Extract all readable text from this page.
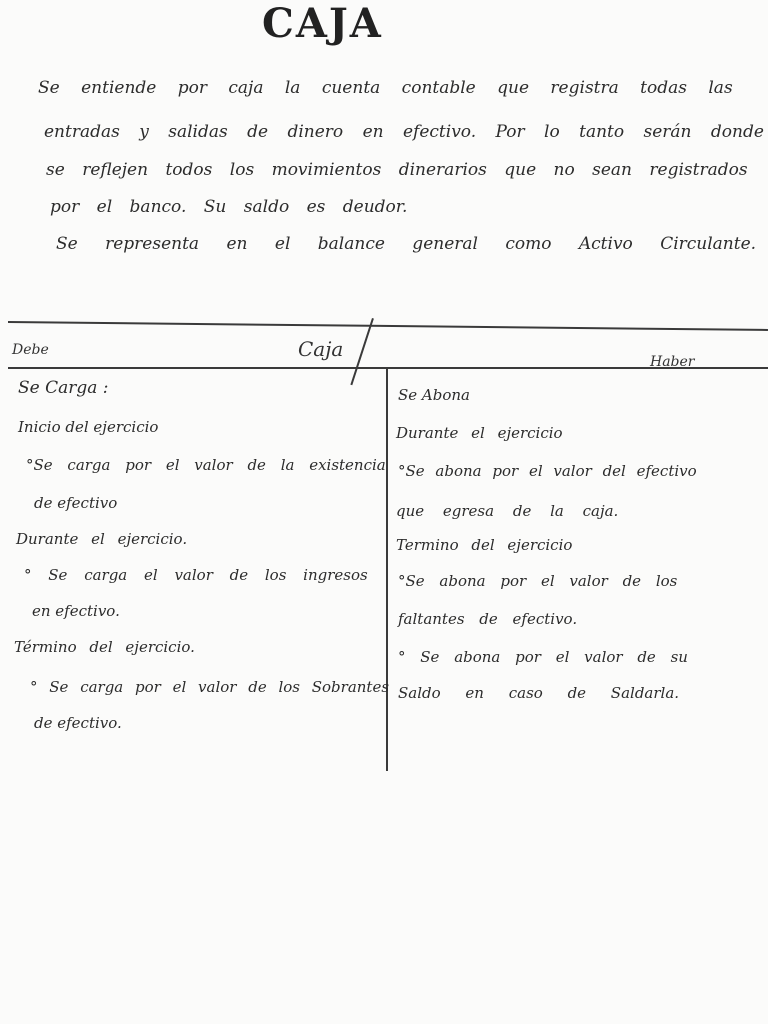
CAJA
Se entiende por caja la cuenta contable que registra todas las
entradas y salidas de dinero en efectivo. Por lo tanto serán donde
se reflejen todos los movimientos dinerarios que no sean registrados
por el banco. Su saldo es deudor.
Se representa en el balance general como Activo Circulante.
Debe	Caja
Haber
Se Carga :
Inicio del ejercicio
°Se carga por el valor de la existencia
de efectivo
Durante el ejercicio.
° Se carga el valor de los ingresos
en efectivo.
Término del ejercicio.
° Se carga por el valor de los Sobrantes
de efectivo.
Se Abona
Durante el ejercicio
°Se abona por el valor del efectivo
que egresa de la caja.
Termino del ejercicio
°Se abona por el valor de los
faltantes de efectivo.
° Se abona por el valor de su
Saldo en caso de Saldarla.
